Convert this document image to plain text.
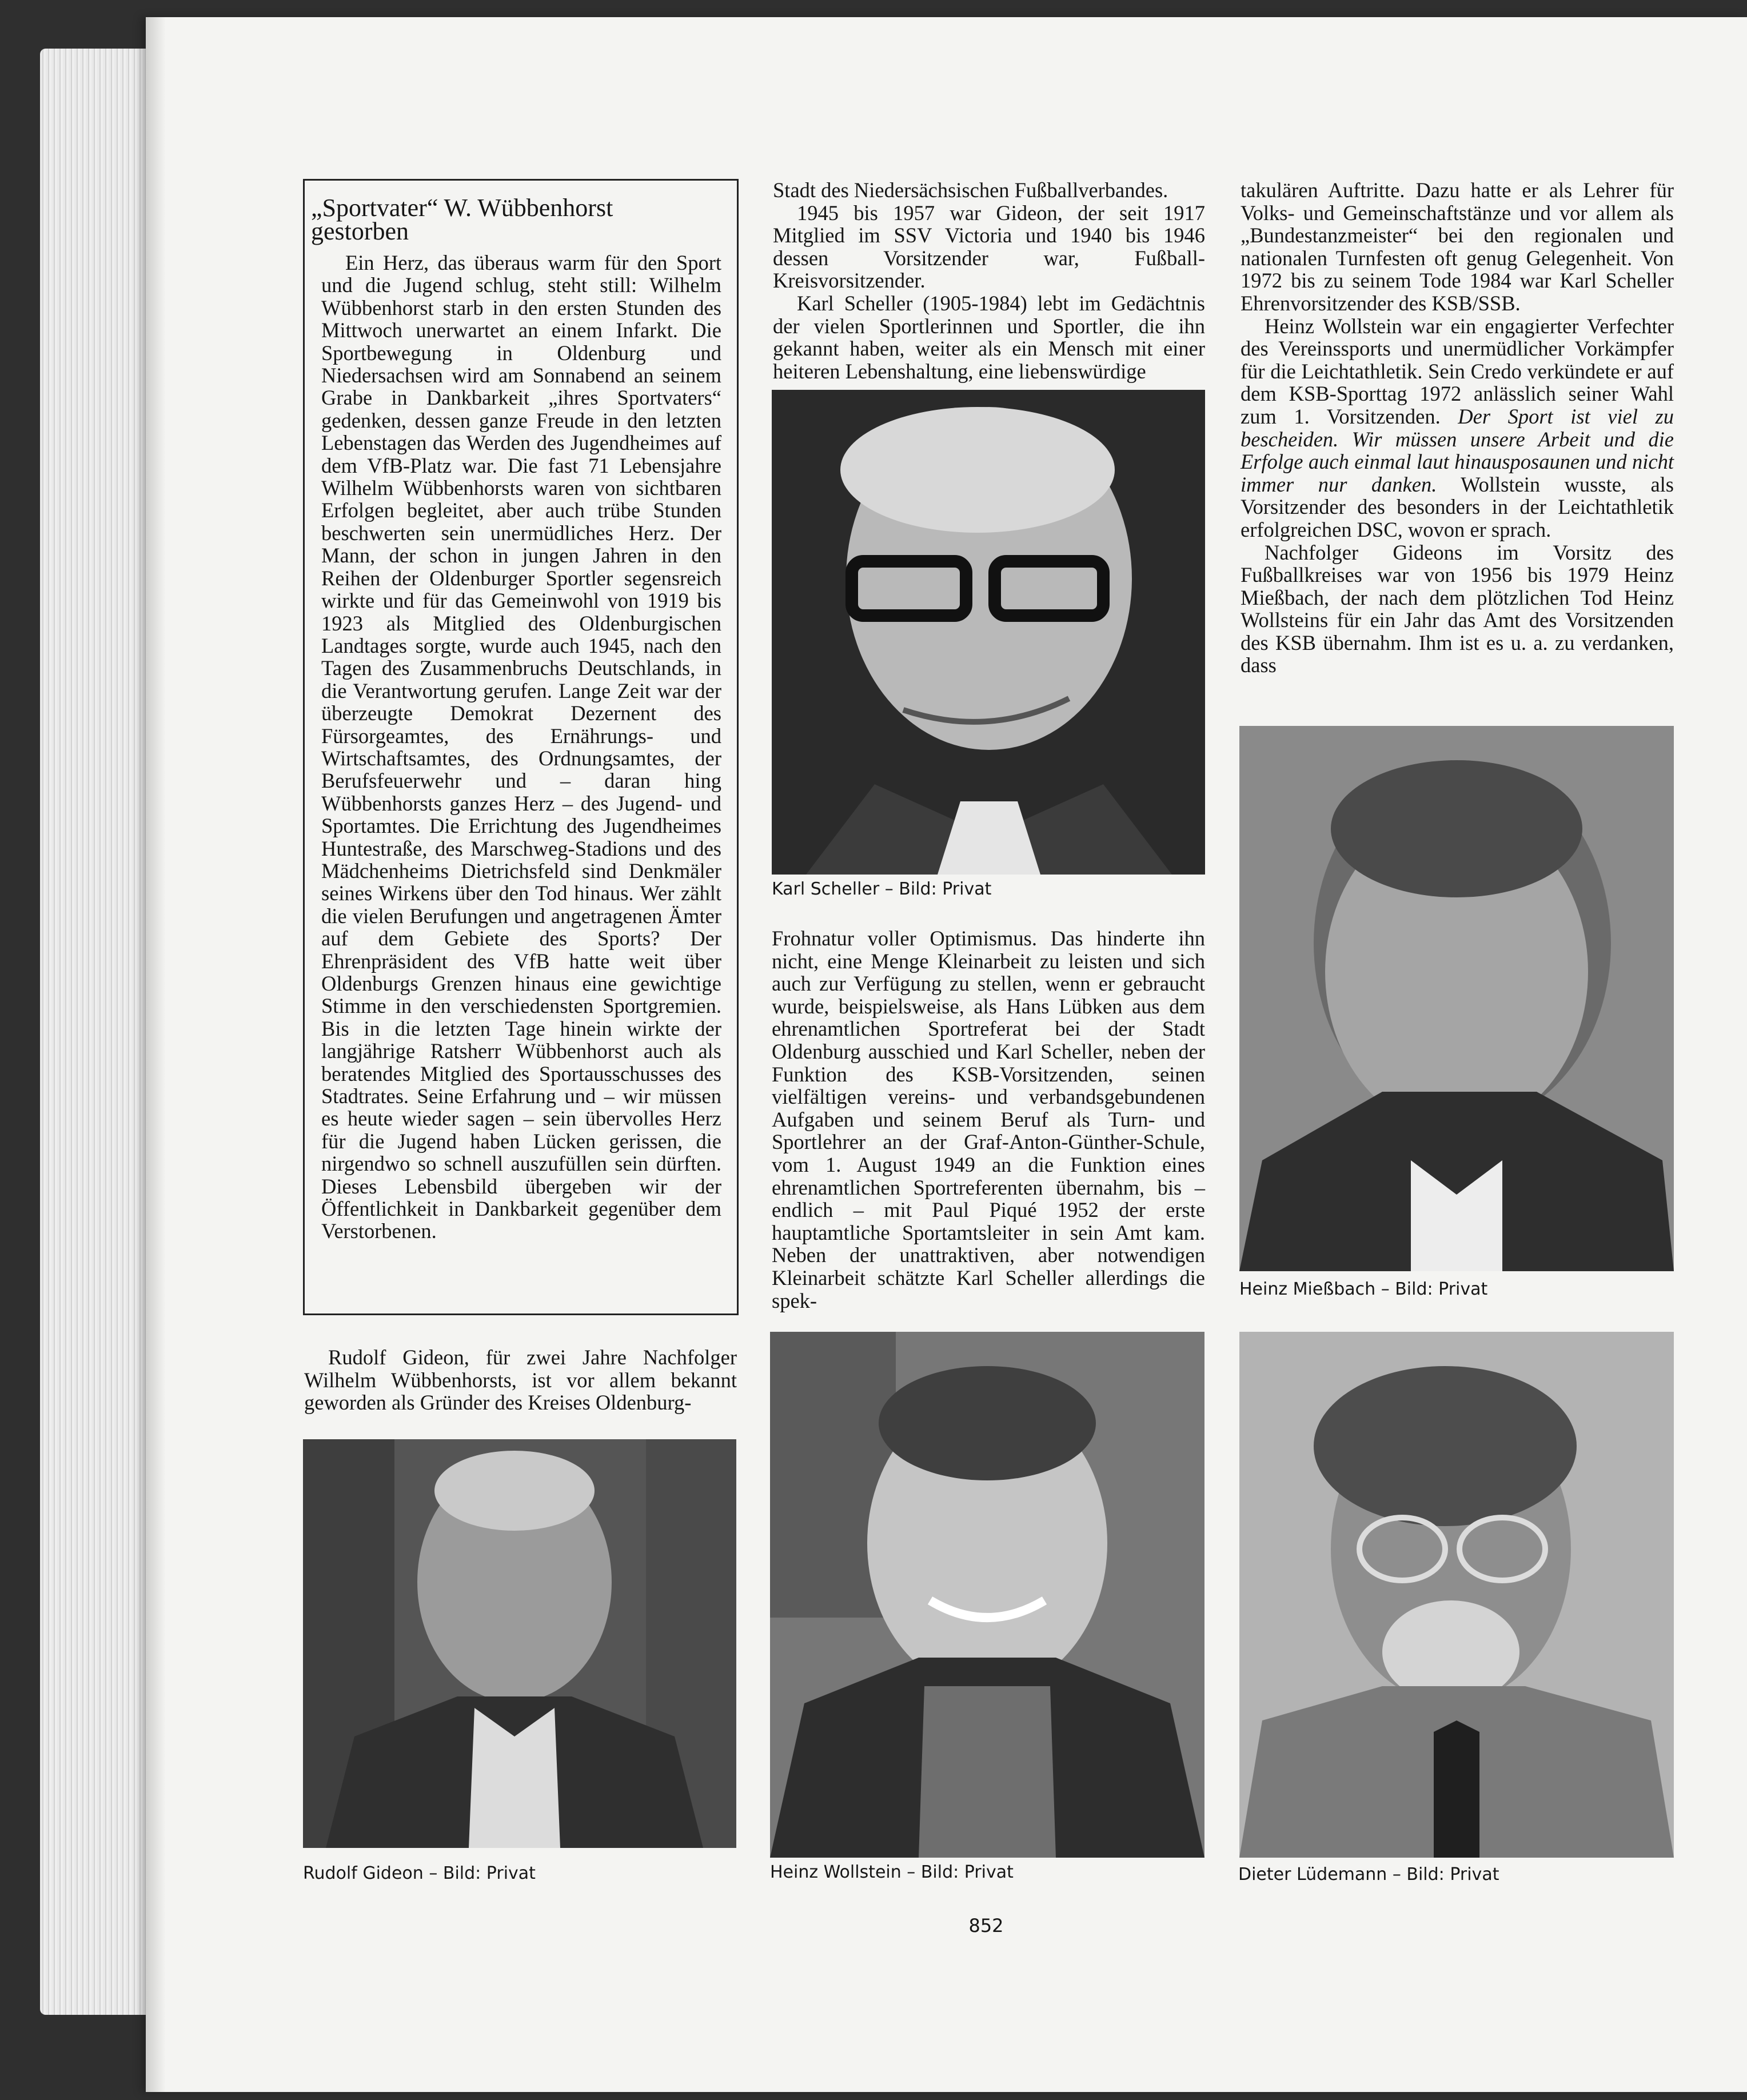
„Sportvater“ W. Wübbenhorst
gestorben

Ein Herz, das überaus warm für den Sport und die Jugend schlug, steht still: Wilhelm Wübbenhorst starb in den ersten Stunden des Mittwoch unerwartet an einem Infarkt. Die Sportbewegung in Oldenburg und Niedersachsen wird am Sonnabend an seinem Grabe in Dankbarkeit „ihres Sportvaters“ gedenken, dessen ganze Freude in den letzten Lebenstagen das Werden des Jugendheimes auf dem VfB-Platz war. Die fast 71 Lebensjahre Wilhelm Wübbenhorsts waren von sichtbaren Erfolgen begleitet, aber auch trübe Stunden beschwerten sein unermüdliches Herz. Der Mann, der schon in jungen Jahren in den Reihen der Oldenburger Sportler segensreich wirkte und für das Gemeinwohl von 1919 bis 1923 als Mitglied des Oldenburgischen Landtages sorgte, wurde auch 1945, nach den Tagen des Zusammenbruchs Deutschlands, in die Verantwortung gerufen. Lange Zeit war der überzeugte Demokrat Dezernent des Fürsorgeamtes, des Ernährungs- und Wirtschaftsamtes, des Ordnungsamtes, der Berufsfeuerwehr und – daran hing Wübbenhorsts ganzes Herz – des Jugend- und Sportamtes. Die Errichtung des Jugendheimes Huntestraße, des Marschweg-Stadions und des Mädchenheims Dietrichsfeld sind Denkmäler seines Wirkens über den Tod hinaus. Wer zählt die vielen Berufungen und angetragenen Ämter auf dem Gebiete des Sports? Der Ehrenpräsident des VfB hatte weit über Oldenburgs Grenzen hinaus eine gewichtige Stimme in den verschiedensten Sportgremien. Bis in die letzten Tage hinein wirkte der langjährige Ratsherr Wübbenhorst auch als beratendes Mitglied des Sportausschusses des Stadtrates. Seine Erfahrung und – wir müssen es heute wieder sagen – sein übervolles Herz für die Jugend haben Lücken gerissen, die nirgendwo so schnell auszufüllen sein dürften. Dieses Lebensbild übergeben wir der Öffentlichkeit in Dankbarkeit gegenüber dem Verstorbenen.

Rudolf Gideon, für zwei Jahre Nachfolger Wilhelm Wübbenhorsts, ist vor allem bekannt geworden als Gründer des Kreises Oldenburg-

Stadt des Niedersächsischen Fußballverbandes.

1945 bis 1957 war Gideon, der seit 1917 Mitglied im SSV Victoria und 1940 bis 1946 dessen Vorsitzender war, Fußball-Kreisvorsitzender.

Karl Scheller (1905-1984) lebt im Gedächtnis der vielen Sportlerinnen und Sportler, die ihn gekannt haben, weiter als ein Mensch mit einer heiteren Lebenshaltung, eine liebenswürdige

Frohnatur voller Optimismus. Das hinderte ihn nicht, eine Menge Kleinarbeit zu leisten und sich auch zur Verfügung zu stellen, wenn er gebraucht wurde, beispielsweise, als Hans Lübken aus dem ehrenamtlichen Sportreferat bei der Stadt Oldenburg ausschied und Karl Scheller, neben der Funktion des KSB-Vorsitzenden, seinen vielfältigen vereins- und verbandsgebundenen Aufgaben und seinem Beruf als Turn- und Sportlehrer an der Graf-Anton-Günther-Schule, vom 1. August 1949 an die Funktion eines ehrenamtlichen Sportreferenten übernahm, bis – endlich – mit Paul Piqué 1952 der erste hauptamtliche Sportamtsleiter in sein Amt kam. Neben der unattraktiven, aber notwendigen Kleinarbeit schätzte Karl Scheller allerdings die spek-

takulären Auftritte. Dazu hatte er als Lehrer für Volks- und Gemeinschaftstänze und vor allem als „Bundestanzmeister“ bei den regionalen und nationalen Turnfesten oft genug Gelegenheit. Von 1972 bis zu seinem Tode 1984 war Karl Scheller Ehrenvorsitzender des KSB/SSB.

Heinz Wollstein war ein engagierter Verfechter des Vereinssports und unermüdlicher Vorkämpfer für die Leichtathletik. Sein Credo verkündete er auf dem KSB-Sporttag 1972 anlässlich seiner Wahl zum 1. Vorsitzenden. Der Sport ist viel zu bescheiden. Wir müssen unsere Arbeit und die Erfolge auch einmal laut hinausposaunen und nicht immer nur danken. Wollstein wusste, als Vorsitzender des besonders in der Leichtathletik erfolgreichen DSC, wovon er sprach.

Nachfolger Gideons im Vorsitz des Fußballkreises war von 1956 bis 1979 Heinz Mießbach, der nach dem plötzlichen Tod Heinz Wollsteins für ein Jahr das Amt des Vorsitzenden des KSB übernahm. Ihm ist es u. a. zu verdanken, dass

Karl Scheller – Bild: Privat
Heinz Mießbach – Bild: Privat
Rudolf Gideon – Bild: Privat	Heinz Wollstein – Bild: Privat	Dieter Lüdemann – Bild: Privat
852
